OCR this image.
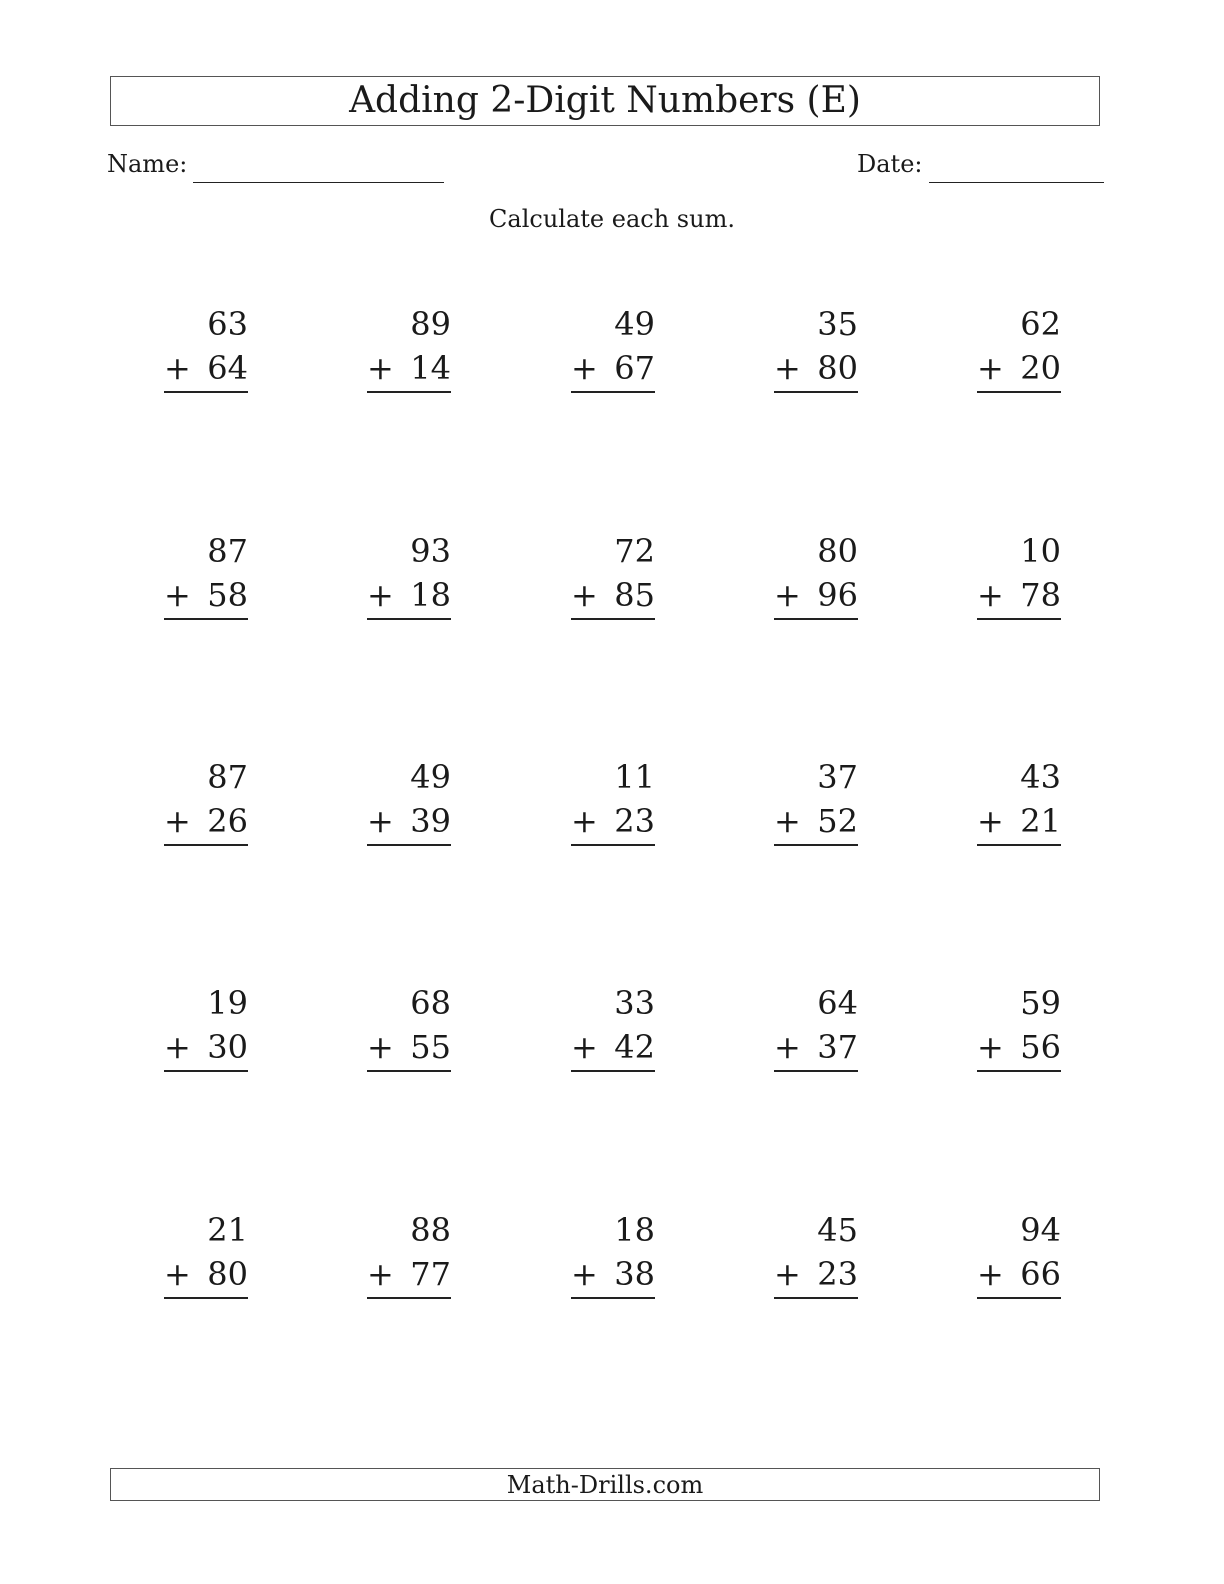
Adding 2-Digit Numbers (E)
Name:	Date:
Calculate each sum.
63
+ 64
89
+ 14
49
+ 67
35
+ 80
62
+ 20
87
+ 58
93
+ 18
72
+ 85
80
+ 96
10
+ 78
87
+ 26
49
+ 39
11
+ 23
37
+ 52
43
+ 21
19
+ 30
68
+ 55
33
+ 42
64
+ 37
59
+ 56
21
+ 80
88
+ 77
18
+ 38
45
+ 23
94
+ 66
Math-Drills.com
